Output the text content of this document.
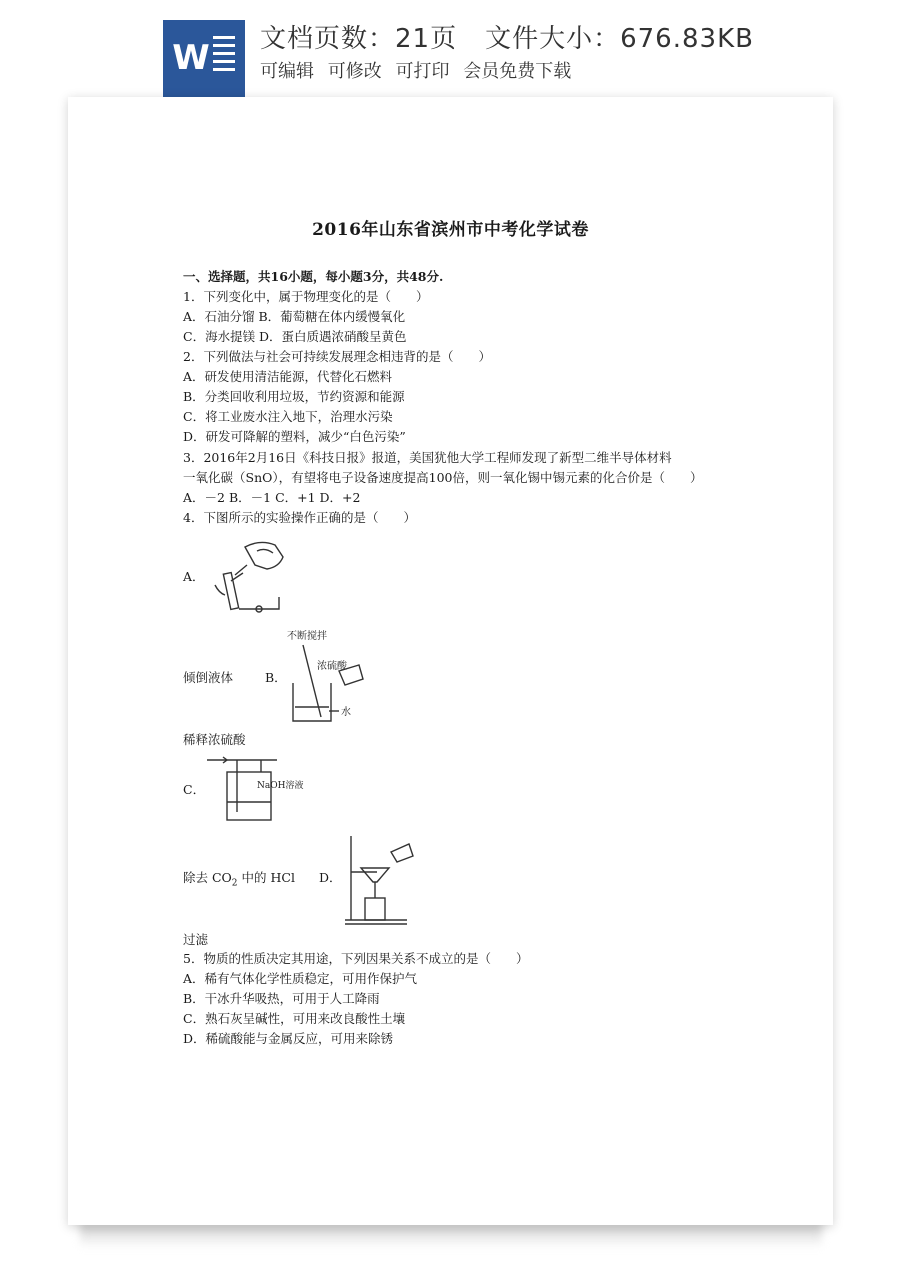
W 文档页数：21页 文件大小：676.83KB
可编辑 可修改 可打印 会员免费下载
2016年山东省滨州市中考化学试卷
一、选择题，共16小题，每小题3分，共48分.
1．下列变化中，属于物理变化的是（　　）
A．石油分馏 B．葡萄糖在体内缓慢氧化
C．海水提镁 D．蛋白质遇浓硝酸呈黄色
2．下列做法与社会可持续发展理念相违背的是（　　）
A．研发使用清洁能源，代替化石燃料
B．分类回收利用垃圾，节约资源和能源
C．将工业废水注入地下，治理水污染
D．研发可降解的塑料，减少“白色污染”
3．2016年2月16日《科技日报》报道，美国犹他大学工程师发现了新型二维半导体材料
一氧化碳（SnO），有望将电子设备速度提高100倍，则一氧化锡中锡元素的化合价是（　　）
A．－2 B．－1 C．+1 D．+2
4．下图所示的实验操作正确的是（　　）
A．
倾倒液体	B．
不断搅拌
浓硫酸
水
稀释浓硫酸
C．	NaOH溶液
除去 $CO_2$ 中的 HCl D．
过滤
5．物质的性质决定其用途，下列因果关系不成立的是（　　）
A．稀有气体化学性质稳定，可用作保护气
B．干冰升华吸热，可用于人工降雨
C．熟石灰呈碱性，可用来改良酸性土壤
D．稀硫酸能与金属反应，可用来除锈
